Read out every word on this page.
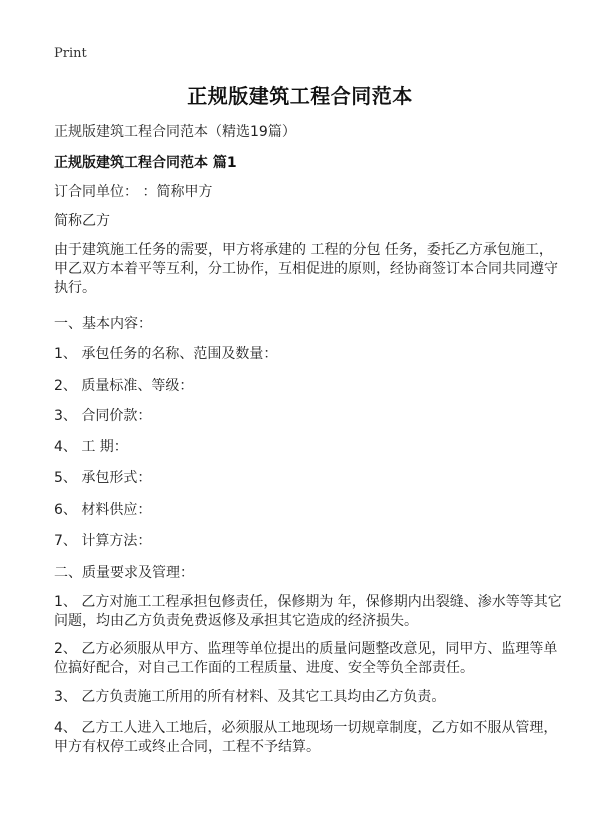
Print
正规版建筑工程合同范本
正规版建筑工程合同范本（精选19篇）
正规版建筑工程合同范本 篇1
订合同单位： ：简称甲方
简称乙方
由于建筑施工任务的需要，甲方将承建的 工程的分包 任务，委托乙方承包施工，
甲乙双方本着平等互利，分工协作，互相促进的原则，经协商签订本合同共同遵守
执行。
一、基本内容：
1、 承包任务的名称、范围及数量：
2、 质量标准、等级：
3、 合同价款：
4、 工 期：
5、 承包形式：
6、 材料供应：
7、 计算方法：
二、质量要求及管理：
1、 乙方对施工工程承担包修责任，保修期为 年，保修期内出裂缝、渗水等等其它
问题，均由乙方负责免费返修及承担其它造成的经济损失。
2、 乙方必须服从甲方、监理等单位提出的质量问题整改意见，同甲方、监理等单
位搞好配合，对自己工作面的工程质量、进度、安全等负全部责任。
3、 乙方负责施工所用的所有材料、及其它工具均由乙方负责。
4、 乙方工人进入工地后，必须服从工地现场一切规章制度，乙方如不服从管理，
甲方有权停工或终止合同，工程不予结算。
